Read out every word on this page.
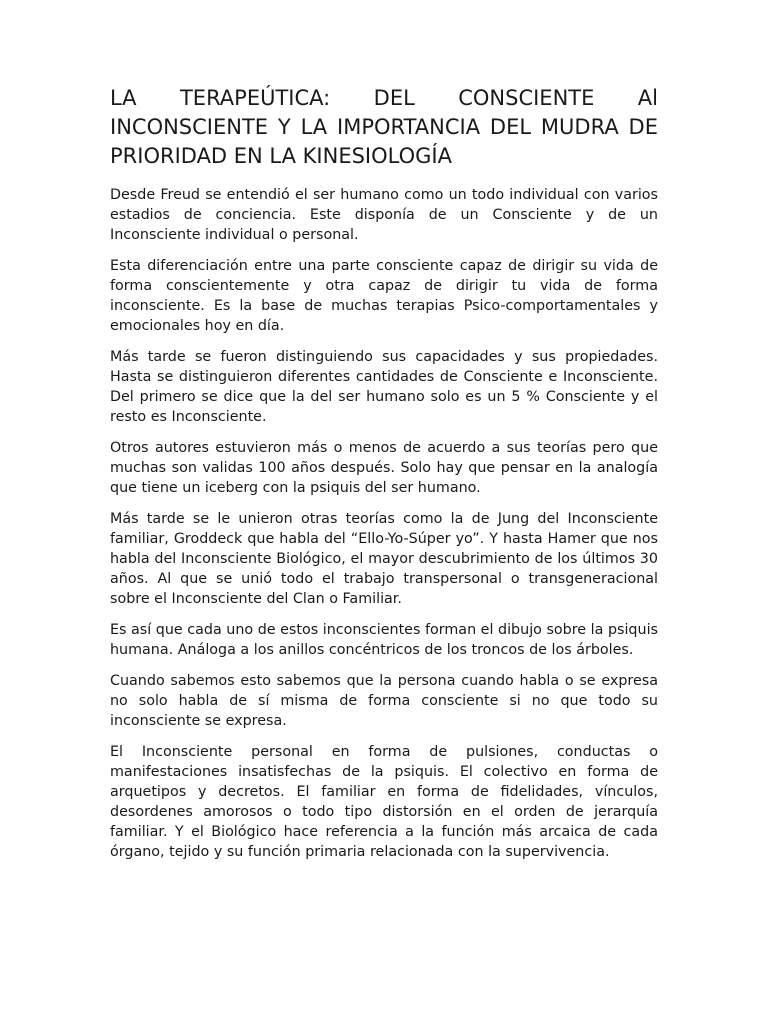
LA TERAPEÚTICA: DEL CONSCIENTE Al INCONSCIENTE Y LA IMPORTANCIA DEL MUDRA DE PRIORIDAD EN LA KINESIOLOGÍA

Desde Freud se entendió el ser humano como un todo individual con varios estadios de conciencia. Este disponía de un Consciente y de un Inconsciente individual o personal.

Esta diferenciación entre una parte consciente capaz de dirigir su vida de forma conscientemente y otra capaz de dirigir tu vida de forma inconsciente. Es la base de muchas terapias Psico-comportamentales y emocionales hoy en día.

Más tarde se fueron distinguiendo sus capacidades y sus propiedades. Hasta se distinguieron diferentes cantidades de Consciente e Inconsciente. Del primero se dice que la del ser humano solo es un 5 % Consciente y el resto es Inconsciente.

Otros autores estuvieron más o menos de acuerdo a sus teorías pero que muchas son validas 100 años después. Solo hay que pensar en la analogía que tiene un iceberg con la psiquis del ser humano.

Más tarde se le unieron otras teorías como la de Jung del Inconsciente familiar, Groddeck que habla del “Ello-Yo-Súper yo”. Y hasta Hamer que nos habla del Inconsciente Biológico, el mayor descubrimiento de los últimos 30 años. Al que se unió todo el trabajo transpersonal o transgeneracional sobre el Inconsciente del Clan o Familiar.

Es así que cada uno de estos inconscientes forman el dibujo sobre la psiquis humana. Análoga a los anillos concéntricos de los troncos de los árboles.

Cuando sabemos esto sabemos que la persona cuando habla o se expresa no solo habla de sí misma de forma consciente si no que todo su inconsciente se expresa.

El Inconsciente personal en forma de pulsiones, conductas o manifestaciones insatisfechas de la psiquis. El colectivo en forma de arquetipos y decretos. El familiar en forma de fidelidades, vínculos, desordenes amorosos o todo tipo distorsión en el orden de jerarquía familiar. Y el Biológico hace referencia a la función más arcaica de cada órgano, tejido y su función primaria relacionada con la supervivencia.
